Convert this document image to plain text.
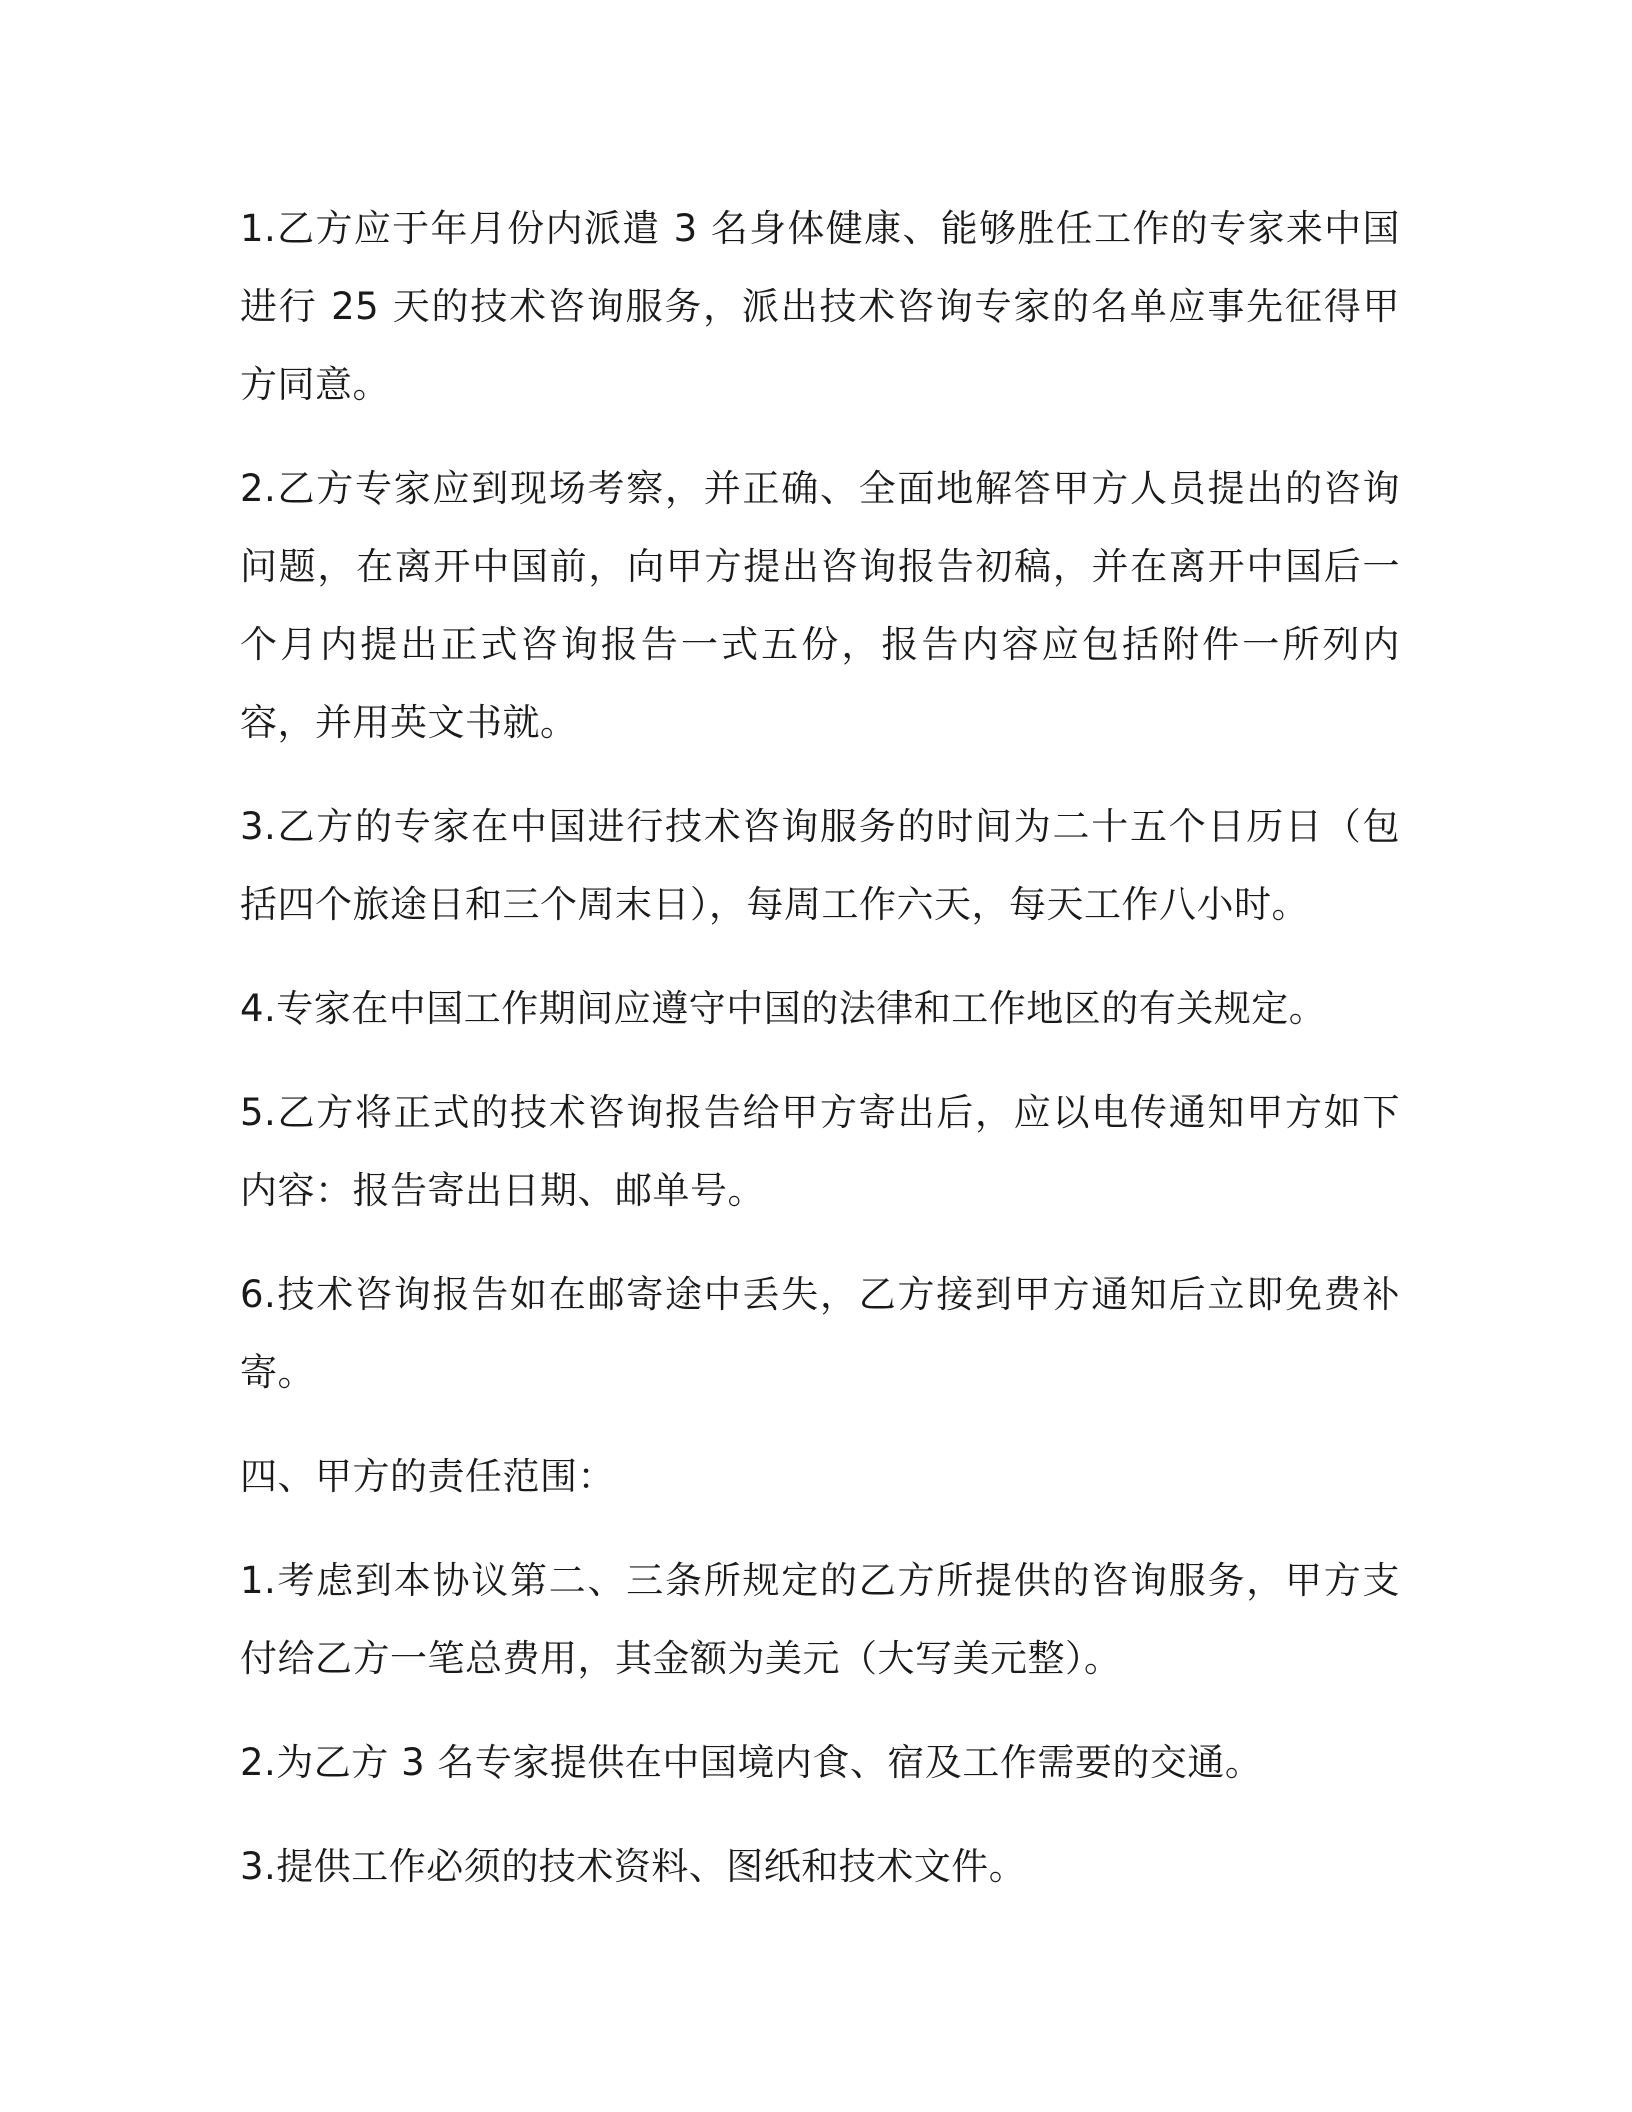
1.乙方应于年月份内派遣 3 名身体健康、能够胜任工作的专家来中国进行 25 天的技术咨询服务，派出技术咨询专家的名单应事先征得甲方同意。

2.乙方专家应到现场考察，并正确、全面地解答甲方人员提出的咨询问题，在离开中国前，向甲方提出咨询报告初稿，并在离开中国后一个月内提出正式咨询报告一式五份，报告内容应包括附件一所列内容，并用英文书就。

3.乙方的专家在中国进行技术咨询服务的时间为二十五个日历日（包括四个旅途日和三个周末日），每周工作六天，每天工作八小时。

4.专家在中国工作期间应遵守中国的法律和工作地区的有关规定。

5.乙方将正式的技术咨询报告给甲方寄出后，应以电传通知甲方如下内容：报告寄出日期、邮单号。

6.技术咨询报告如在邮寄途中丢失，乙方接到甲方通知后立即免费补寄。

四、甲方的责任范围：

1.考虑到本协议第二、三条所规定的乙方所提供的咨询服务，甲方支付给乙方一笔总费用，其金额为美元（大写美元整）。

2.为乙方 3 名专家提供在中国境内食、宿及工作需要的交通。

3.提供工作必须的技术资料、图纸和技术文件。
